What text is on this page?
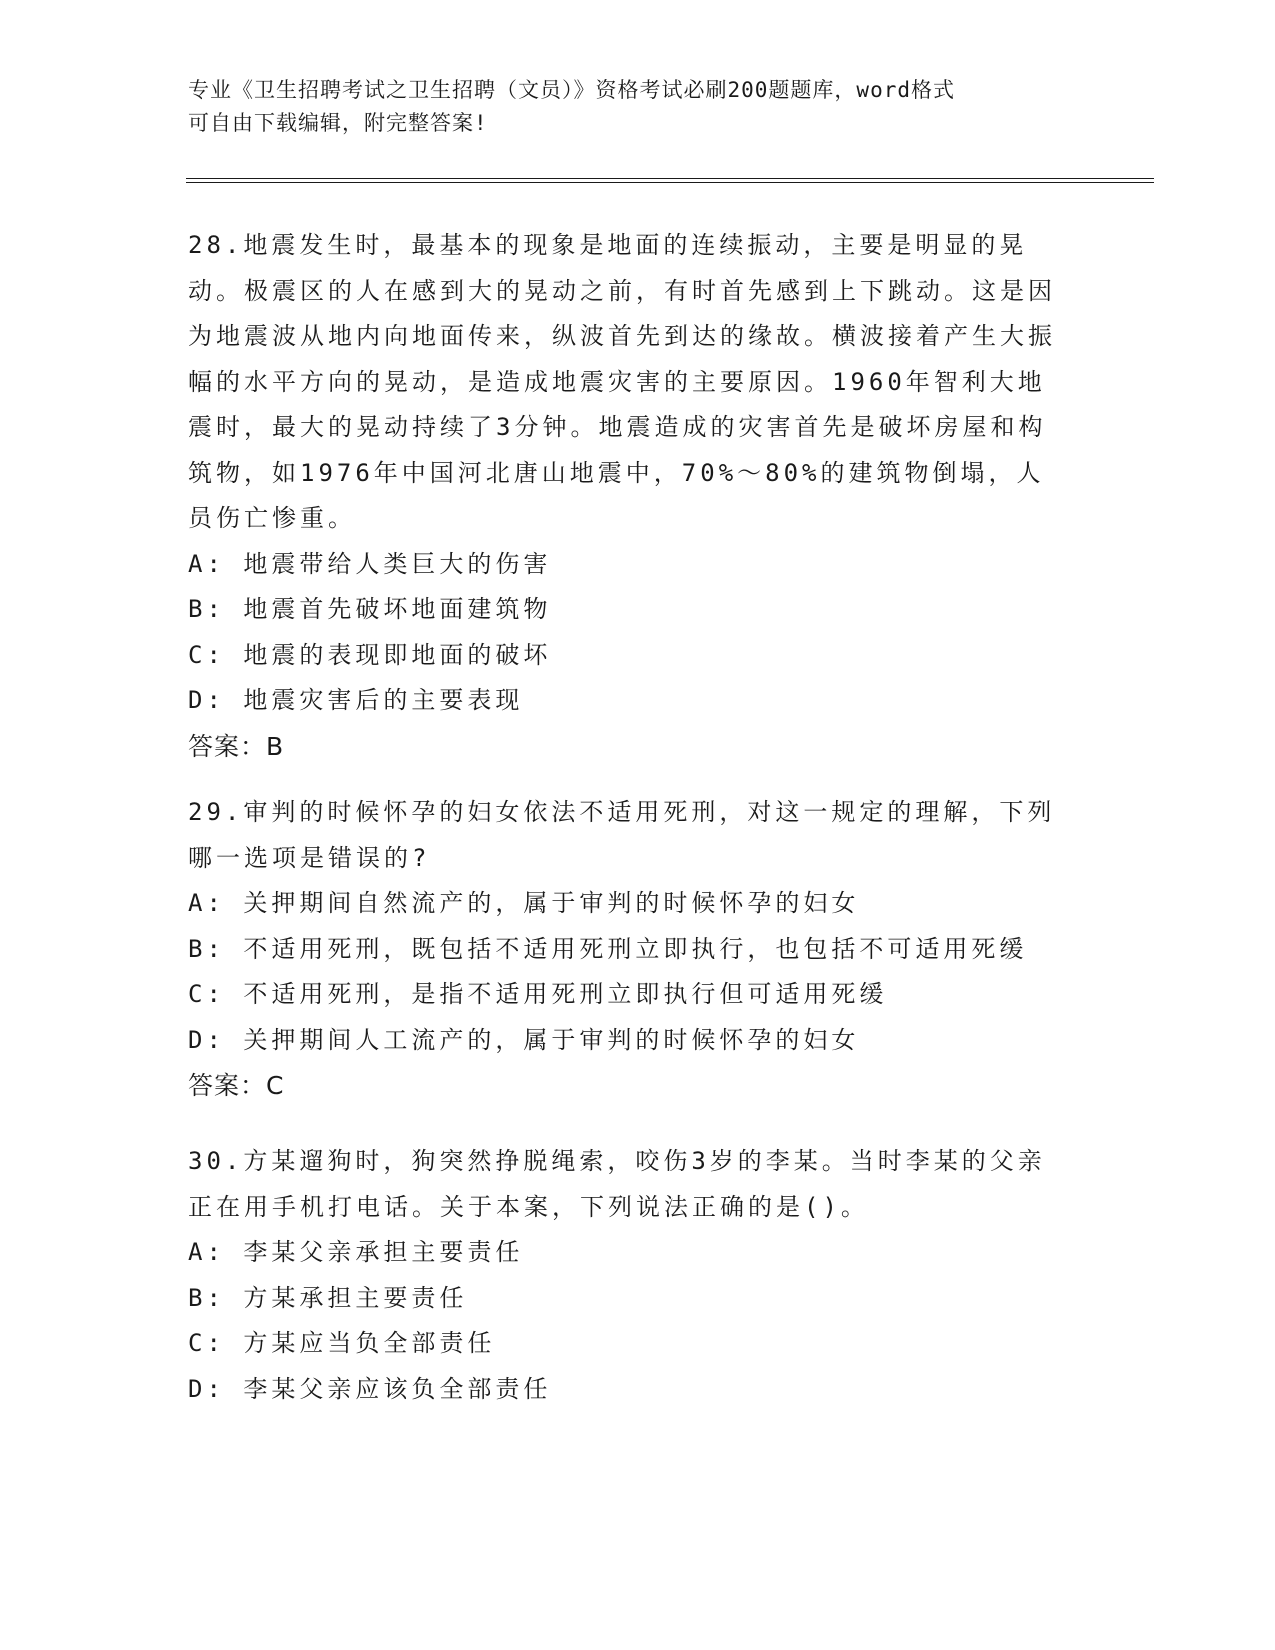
专业《卫生招聘考试之卫生招聘（文员）》资格考试必刷200题题库，word格式
可自由下载编辑，附完整答案!

28.地震发生时，最基本的现象是地面的连续振动，主要是明显的晃动。极震区的人在感到大的晃动之前，有时首先感到上下跳动。这是因为地震波从地内向地面传来，纵波首先到达的缘故。横波接着产生大振幅的水平方向的晃动，是造成地震灾害的主要原因。1960年智利大地震时，最大的晃动持续了3分钟。地震造成的灾害首先是破坏房屋和构筑物，如1976年中国河北唐山地震中，70%～80%的建筑物倒塌，人员伤亡惨重。

A: 地震带给人类巨大的伤害

B: 地震首先破坏地面建筑物

C: 地震的表现即地面的破坏

D: 地震灾害后的主要表现

答案：B

29.审判的时候怀孕的妇女依法不适用死刑，对这一规定的理解，下列哪一选项是错误的?

A: 关押期间自然流产的，属于审判的时候怀孕的妇女

B: 不适用死刑，既包括不适用死刑立即执行，也包括不可适用死缓

C: 不适用死刑，是指不适用死刑立即执行但可适用死缓

D: 关押期间人工流产的，属于审判的时候怀孕的妇女

答案：C

30.方某遛狗时，狗突然挣脱绳索，咬伤3岁的李某。当时李某的父亲正在用手机打电话。关于本案，下列说法正确的是()。

A: 李某父亲承担主要责任

B: 方某承担主要责任

C: 方某应当负全部责任

D: 李某父亲应该负全部责任
